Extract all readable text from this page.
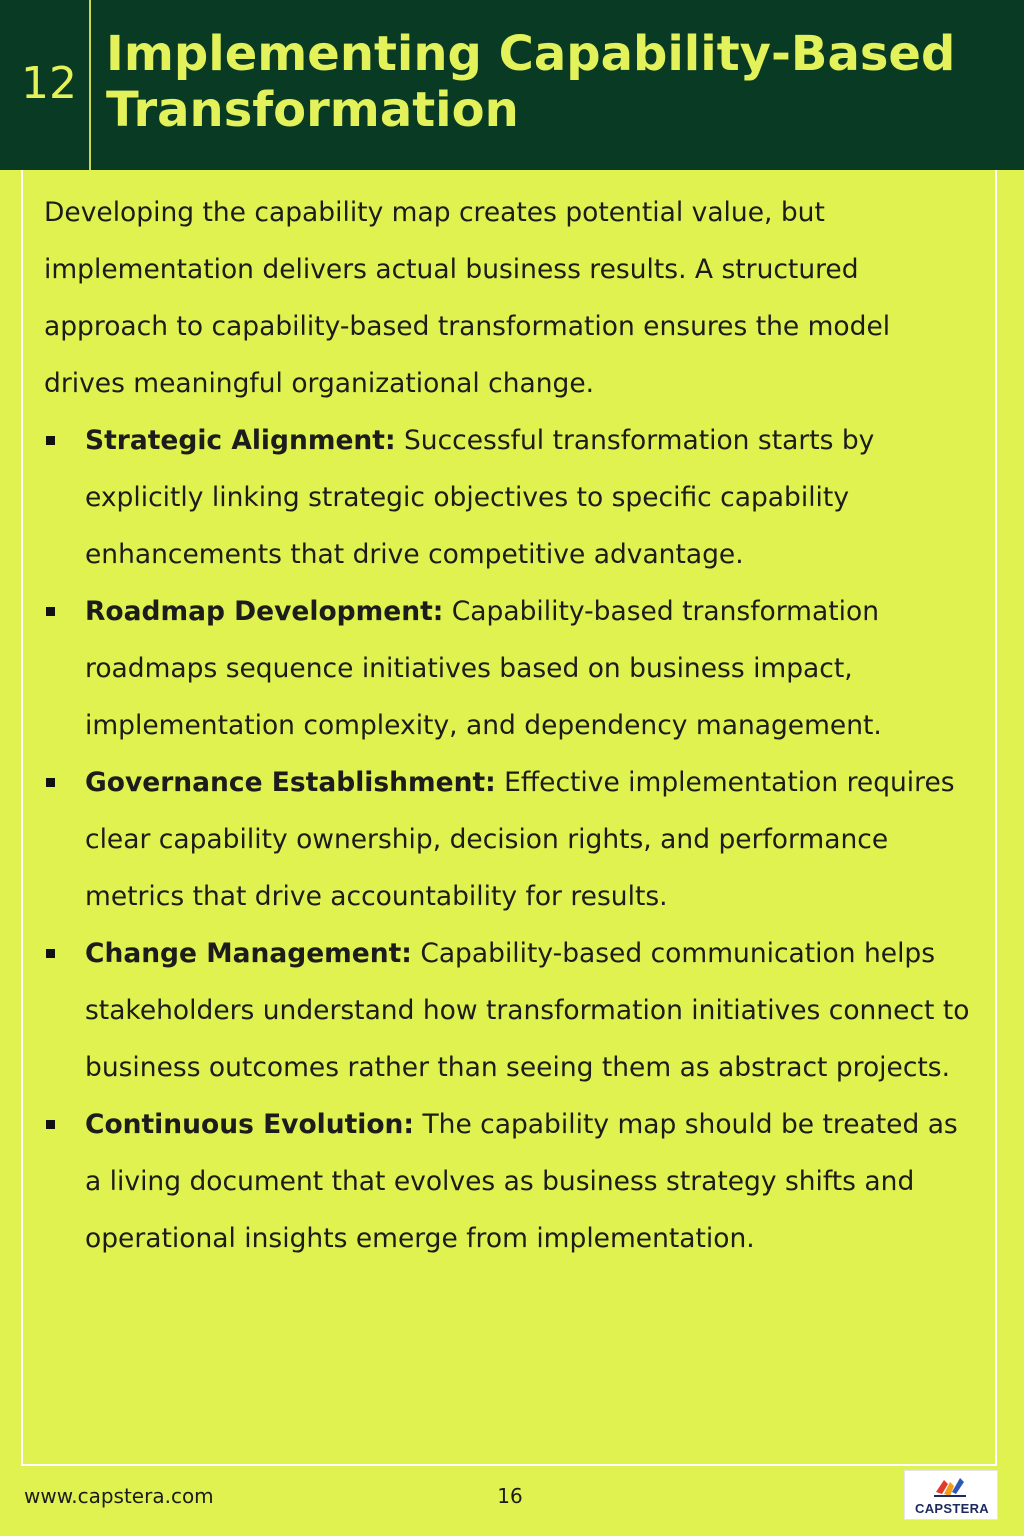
12
Implementing Capability-Based Transformation

Developing the capability map creates potential value, but implementation delivers actual business results. A structured approach to capability-based transformation ensures the model drives meaningful organizational change.

Strategic Alignment: Successful transformation starts by explicitly linking strategic objectives to specific capability enhancements that drive competitive advantage.
Roadmap Development: Capability-based transformation roadmaps sequence initiatives based on business impact, implementation complexity, and dependency management.
Governance Establishment: Effective implementation requires clear capability ownership, decision rights, and performance metrics that drive accountability for results.
Change Management: Capability-based communication helps stakeholders understand how transformation initiatives connect to business outcomes rather than seeing them as abstract projects.
Continuous Evolution: The capability map should be treated as a living document that evolves as business strategy shifts and operational insights emerge from implementation.
www.capstera.com	16
CAPSTERA
